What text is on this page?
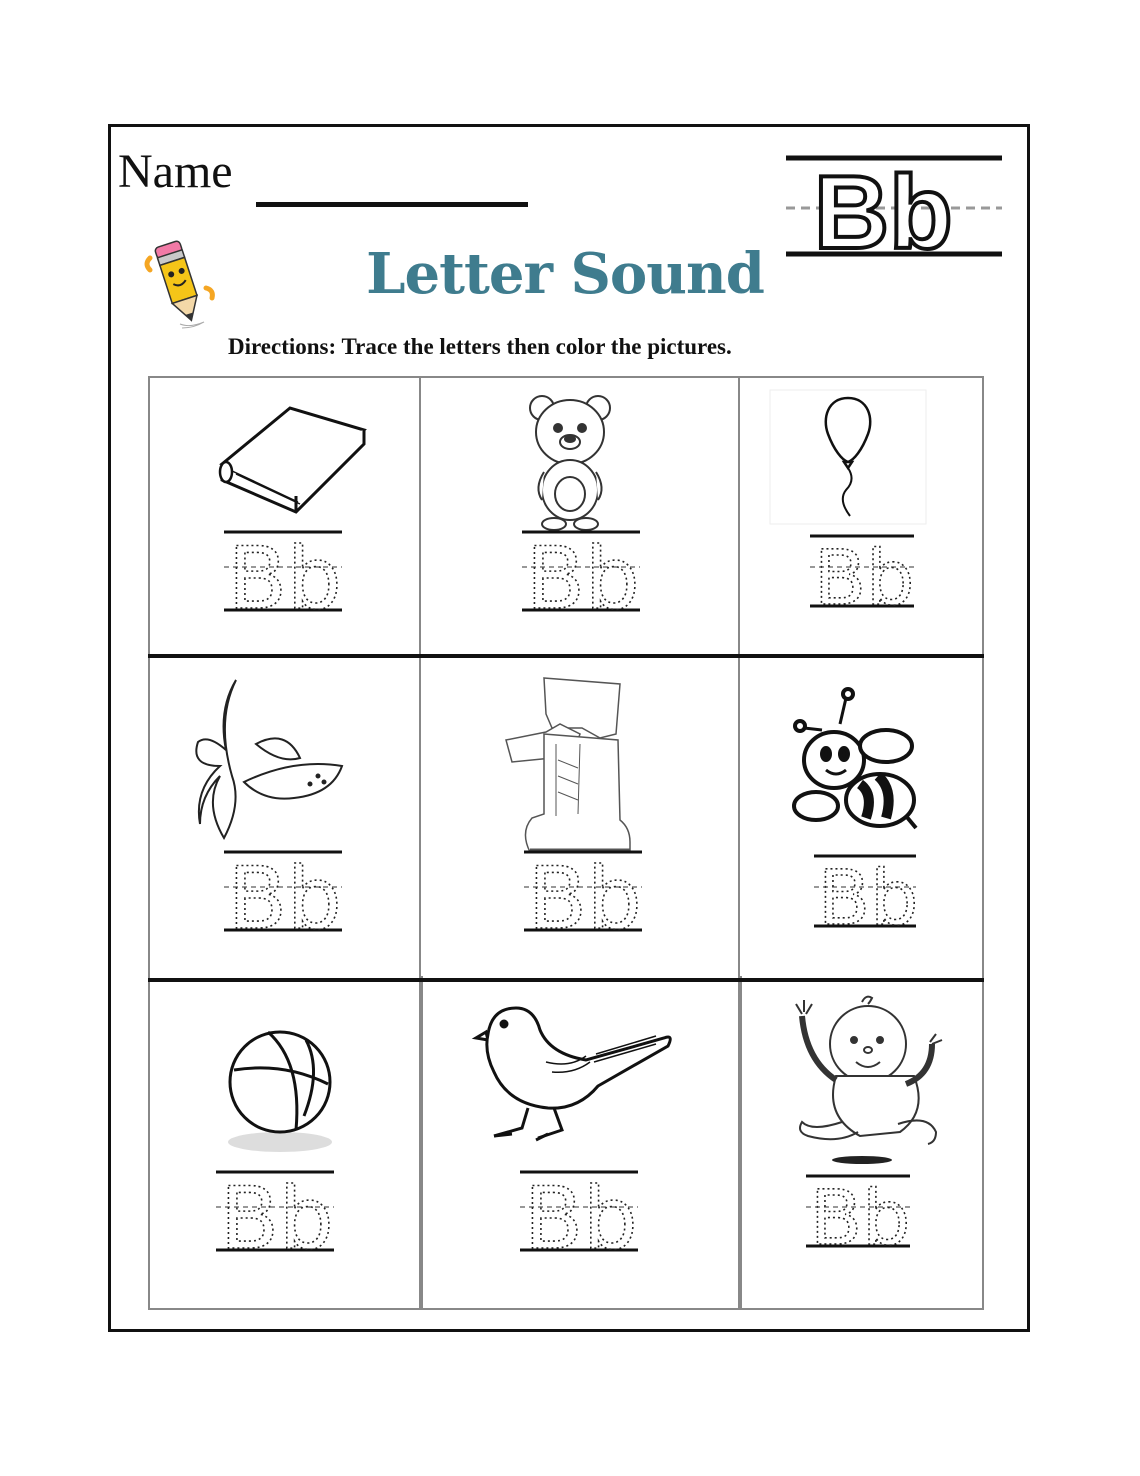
Name	Bb
Letter Sound
Directions: Trace the letters then color the pictures.
Bb Bb Bb
Bb Bb Bb
Bb Bb Bb
